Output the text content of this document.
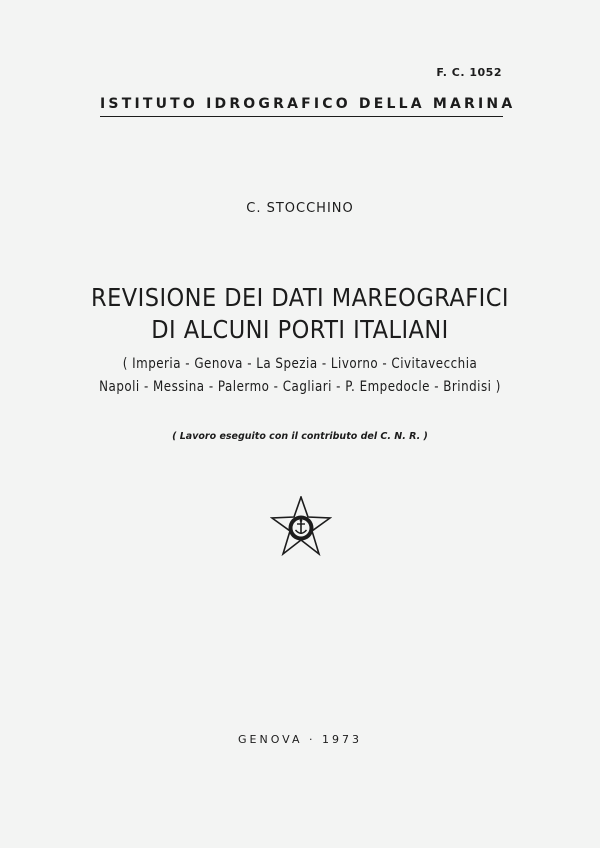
F. C. 1052
ISTITUTO IDROGRAFICO DELLA MARINA
C. STOCCHINO
REVISIONE DEI DATI MAREOGRAFICI
DI ALCUNI PORTI ITALIANI
( Imperia - Genova - La Spezia - Livorno - Civitavecchia
Napoli - Messina - Palermo - Cagliari - P. Empedocle - Brindisi )
( Lavoro eseguito con il contributo del C. N. R. )
GENOVA · 1973
